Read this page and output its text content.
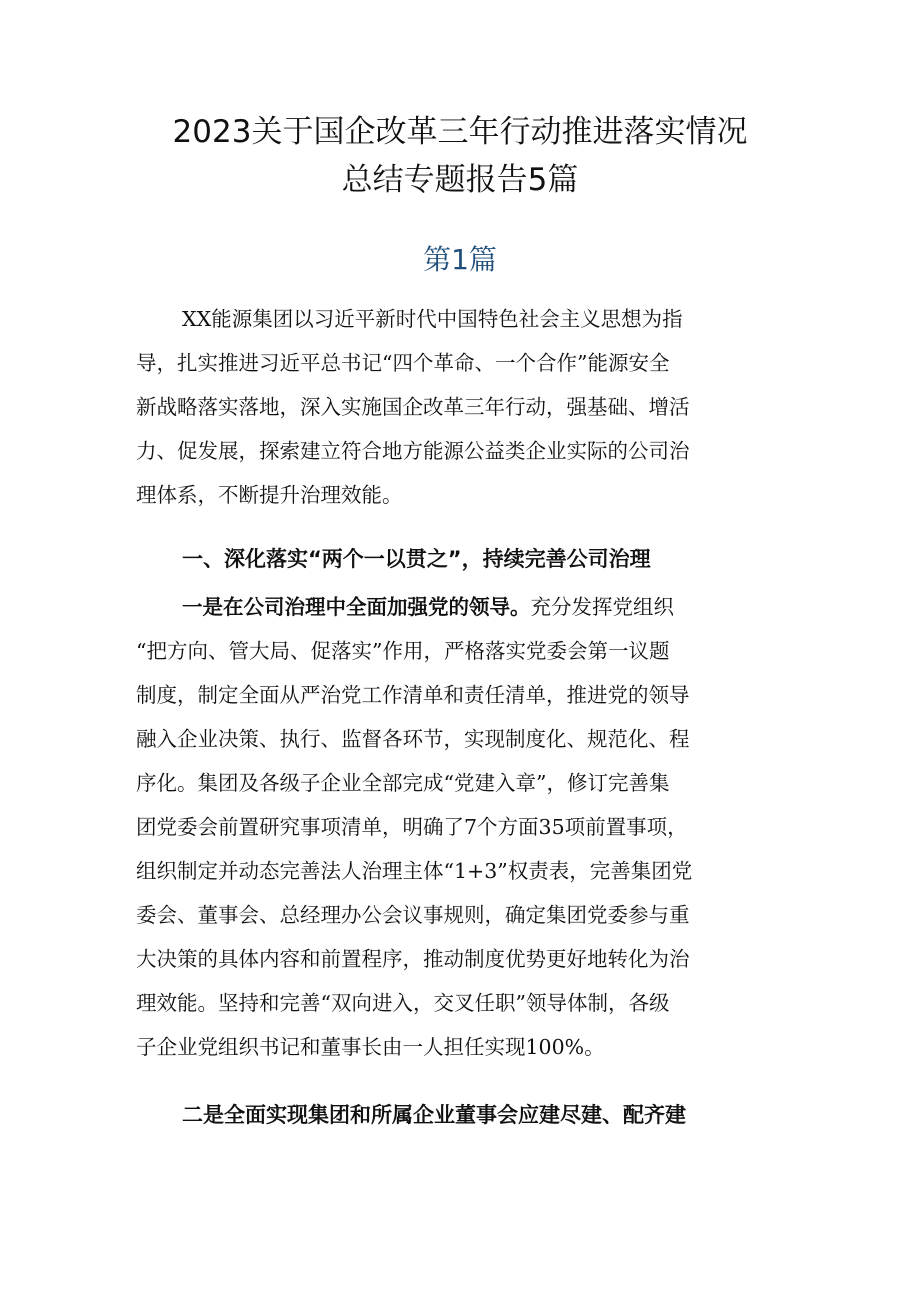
2023关于国企改革三年行动推进落实情况
总结专题报告5篇
第1篇
XX能源集团以习近平新时代中国特色社会主义思想为指
导，扎实推进习近平总书记“四个革命、一个合作”能源安全
新战略落实落地，深入实施国企改革三年行动，强基础、增活
力、促发展，探索建立符合地方能源公益类企业实际的公司治
理体系，不断提升治理效能。
一、深化落实“两个一以贯之”，持续完善公司治理
一是在公司治理中全面加强党的领导。充分发挥党组织
“把方向、管大局、促落实”作用，严格落实党委会第一议题
制度，制定全面从严治党工作清单和责任清单，推进党的领导
融入企业决策、执行、监督各环节，实现制度化、规范化、程
序化。集团及各级子企业全部完成“党建入章”，修订完善集
团党委会前置研究事项清单，明确了7个方面35项前置事项，
组织制定并动态完善法人治理主体“1+3”权责表，完善集团党
委会、董事会、总经理办公会议事规则，确定集团党委参与重
大决策的具体内容和前置程序，推动制度优势更好地转化为治
理效能。坚持和完善“双向进入，交叉任职”领导体制，各级
子企业党组织书记和董事长由一人担任实现100%。
二是全面实现集团和所属企业董事会应建尽建、配齐建
